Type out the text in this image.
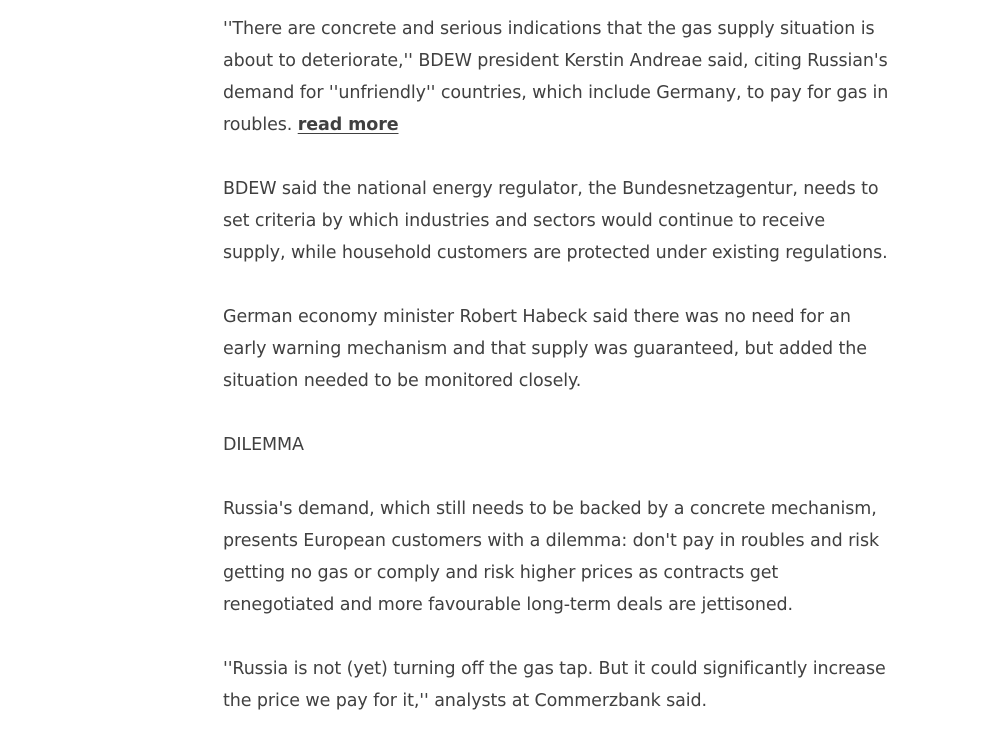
''There are concrete and serious indications that the gas supply situation is about to deteriorate,'' BDEW president Kerstin Andreae said, citing Russian's demand for ''unfriendly'' countries, which include Germany, to pay for gas in roubles. read more

BDEW said the national energy regulator, the Bundesnetzagentur, needs to set criteria by which industries and sectors would continue to receive supply, while household customers are protected under existing regulations.

German economy minister Robert Habeck said there was no need for an early warning mechanism and that supply was guaranteed, but added the situation needed to be monitored closely.

DILEMMA

Russia's demand, which still needs to be backed by a concrete mechanism, presents European customers with a dilemma: don't pay in roubles and risk getting no gas or comply and risk higher prices as contracts get renegotiated and more favourable long-term deals are jettisoned.

''Russia is not (yet) turning off the gas tap. But it could significantly increase the price we pay for it,'' analysts at Commerzbank said.
